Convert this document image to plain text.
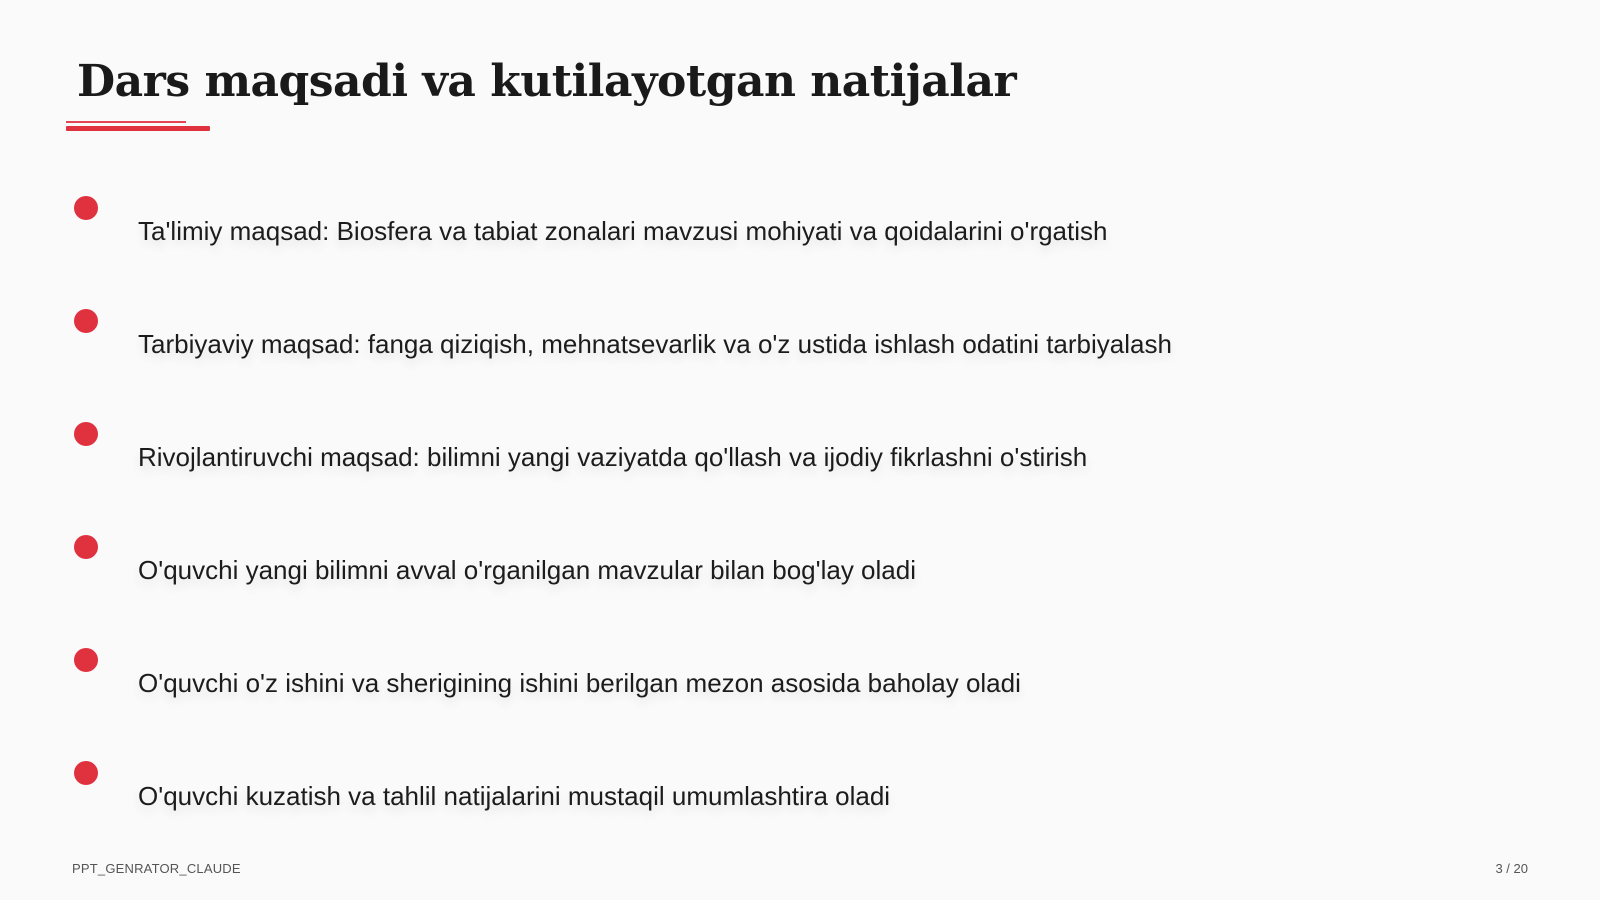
Dars maqsadi va kutilayotgan natijalar
Ta'limiy maqsad: Biosfera va tabiat zonalari mavzusi mohiyati va qoidalarini o'rgatish
Tarbiyaviy maqsad: fanga qiziqish, mehnatsevarlik va o'z ustida ishlash odatini tarbiyalash
Rivojlantiruvchi maqsad: bilimni yangi vaziyatda qo'llash va ijodiy fikrlashni o'stirish
O'quvchi yangi bilimni avval o'rganilgan mavzular bilan bog'lay oladi
O'quvchi o'z ishini va sherigining ishini berilgan mezon asosida baholay oladi
O'quvchi kuzatish va tahlil natijalarini mustaqil umumlashtira oladi
PPT_GENRATOR_CLAUDE	3 / 20
